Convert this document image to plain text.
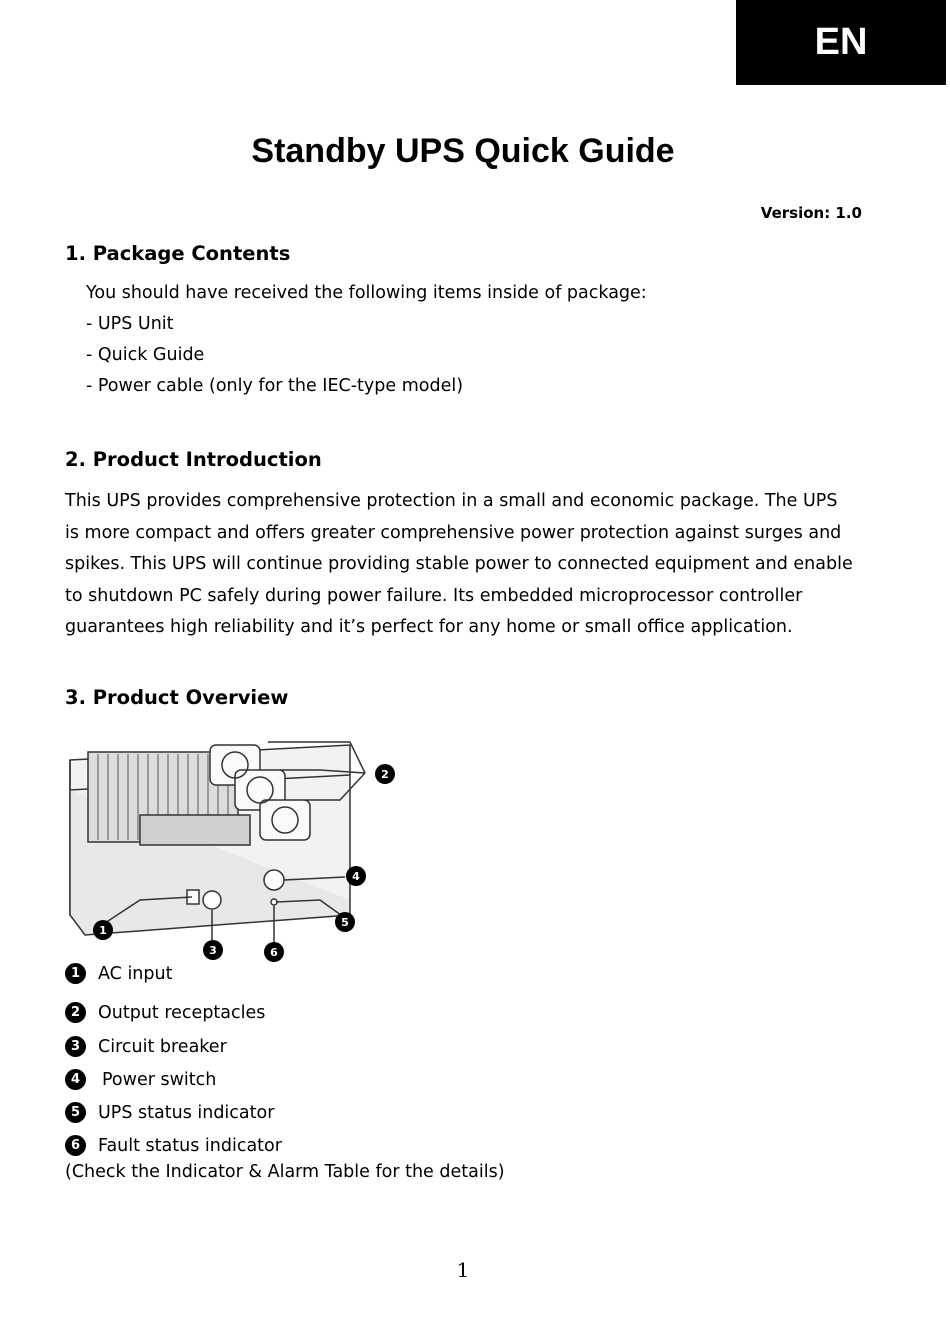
EN
Standby UPS Quick Guide
Version: 1.0
1. Package Contents
You should have received the following items inside of package:
- UPS Unit
- Quick Guide
- Power cable (only for the IEC-type model)
2. Product Introduction

This UPS provides comprehensive protection in a small and economic package. The UPS

is more compact and offers greater comprehensive power protection against surges and

spikes. This UPS will continue providing stable power to connected equipment and enable

to shutdown PC safely during power failure. Its embedded microprocessor controller

guarantees high reliability and it’s perfect for any home or small office application.

3. Product Overview
2
1
3
4
5
6
1	AC input
2	Output receptacles
3	Circuit breaker
4	Power switch
5	UPS status indicator
6	Fault status indicator
(Check the Indicator & Alarm Table for the details)
1
